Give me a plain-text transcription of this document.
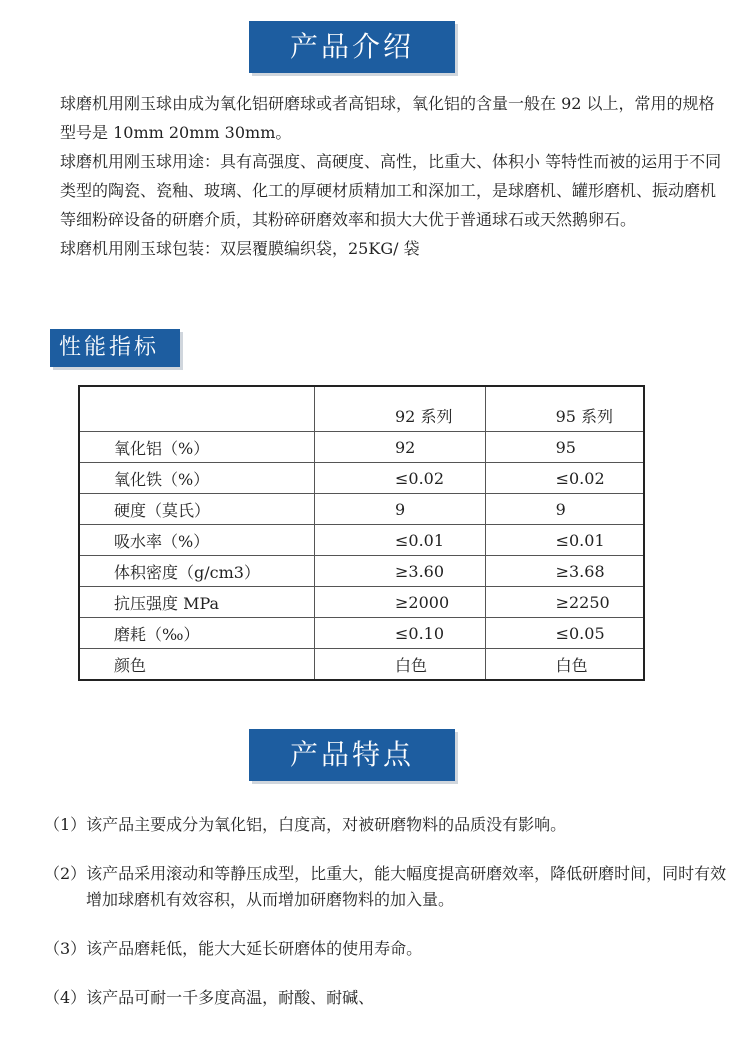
产品介绍

球磨机用刚玉球由成为氧化铝研磨球或者高铝球，氧化铝的含量一般在 92 以上，常用的规格型号是 10mm 20mm 30mm。

球磨机用刚玉球用途：具有高强度、高硬度、高性，比重大、体积小 等特性而被的运用于不同类型的陶瓷、瓷釉、玻璃、化工的厚硬材质精加工和深加工，是球磨机、罐形磨机、振动磨机等细粉碎设备的研磨介质，其粉碎研磨效率和损大大优于普通球石或天然鹅卵石。

球磨机用刚玉球包装：双层覆膜编织袋，25KG/ 袋

性能指标
	92 系列	95 系列
氧化铝（%）	92	95
氧化铁（%）	≤0.02	≤0.02
硬度（莫氏）	9	9
吸水率（%）	≤0.01	≤0.01
体积密度（g/cm3）	≥3.60	≥3.68
抗压强度 MPa	≥2000	≥2250
磨耗（‰）	≤0.10	≤0.05
颜色	白色	白色
产品特点

（1）该产品主要成分为氧化铝，白度高，对被研磨物料的品质没有影响。

（2）该产品采用滚动和等静压成型，比重大，能大幅度提高研磨效率，降低研磨时间，同时有效增加球磨机有效容积，从而增加研磨物料的加入量。

（3）该产品磨耗低，能大大延长研磨体的使用寿命。

（4）该产品可耐一千多度高温，耐酸、耐碱、
